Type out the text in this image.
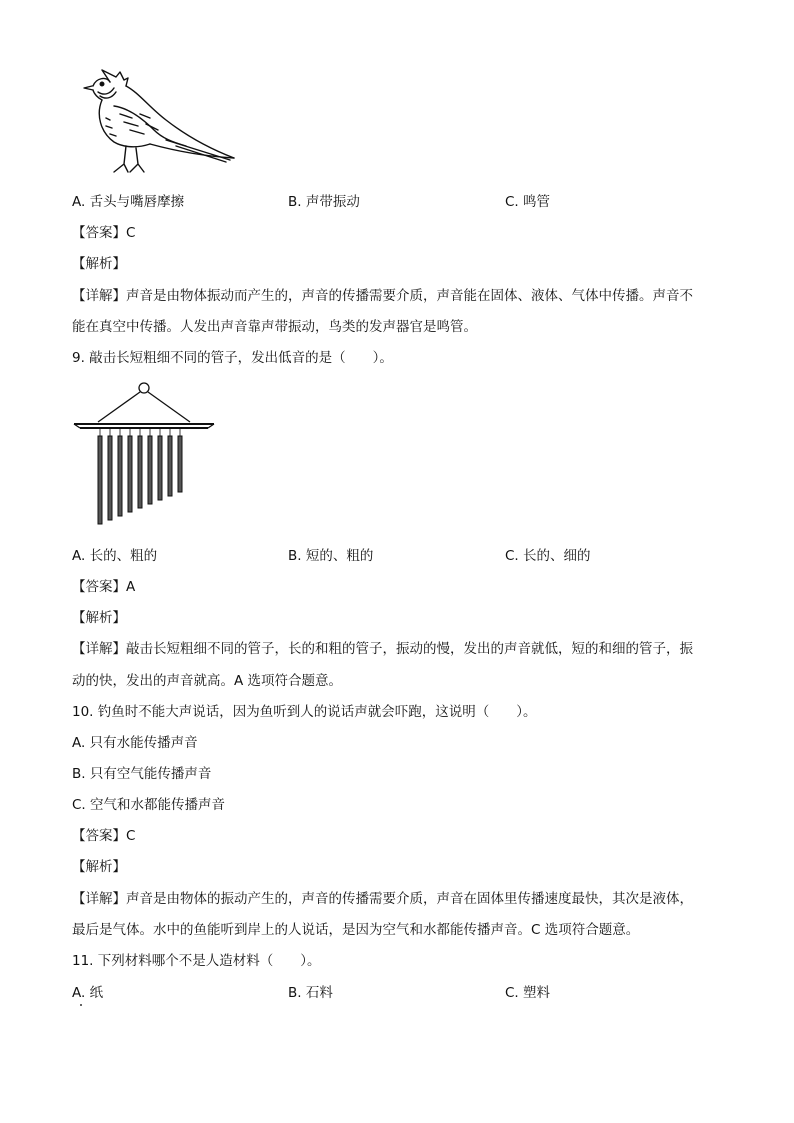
A. 舌头与嘴唇摩擦	B. 声带振动	C. 鸣管
【答案】C
【解析】
【详解】声音是由物体振动而产生的，声音的传播需要介质，声音能在固体、液体、气体中传播。声音不
能在真空中传播。人发出声音靠声带振动，鸟类的发声器官是鸣管。
9. 敲击长短粗细不同的管子，发出低音的是（　　）。
A. 长的、粗的	B. 短的、粗的	C. 长的、细的
【答案】A
【解析】
【详解】敲击长短粗细不同的管子，长的和粗的管子，振动的慢，发出的声音就低，短的和细的管子，振
动的快，发出的声音就高。A 选项符合题意。
10. 钓鱼时不能大声说话，因为鱼听到人的说话声就会吓跑，这说明（　　）。
A. 只有水能传播声音
B. 只有空气能传播声音
C. 空气和水都能传播声音
【答案】C
【解析】
【详解】声音是由物体的振动产生的，声音的传播需要介质，声音在固体里传播速度最快，其次是液体，
最后是气体。水中的鱼能听到岸上的人说话，是因为空气和水都能传播声音。C 选项符合题意。
11. 下列材料哪个不是人造材料（　　）。
A. 纸	B. 石料	C. 塑料
